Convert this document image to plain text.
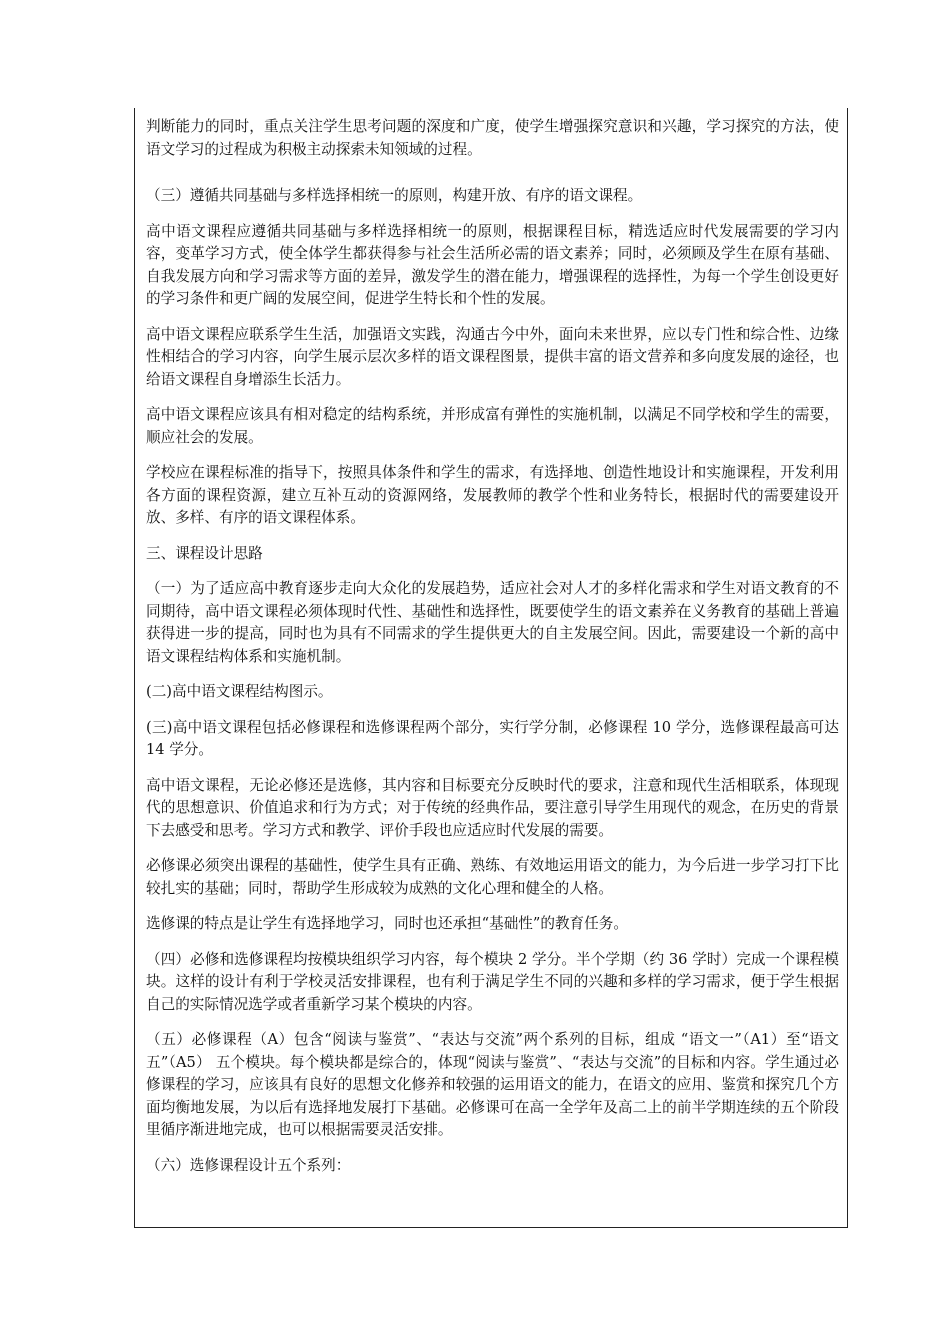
判断能力的同时，重点关注学生思考问题的深度和广度，使学生增强探究意识和兴趣，学习探究的方法，使语文学习的过程成为积极主动探索未知领域的过程。

（三）遵循共同基础与多样选择相统一的原则，构建开放、有序的语文课程。

高中语文课程应遵循共同基础与多样选择相统一的原则，根据课程目标，精选适应时代发展需要的学习内容，变革学习方式，使全体学生都获得参与社会生活所必需的语文素养；同时，必须顾及学生在原有基础、自我发展方向和学习需求等方面的差异，激发学生的潜在能力，增强课程的选择性，为每一个学生创设更好的学习条件和更广阔的发展空间，促进学生特长和个性的发展。

高中语文课程应联系学生生活，加强语文实践，沟通古今中外，面向未来世界，应以专门性和综合性、边缘性相结合的学习内容，向学生展示层次多样的语文课程图景，提供丰富的语文营养和多向度发展的途径，也给语文课程自身增添生长活力。

高中语文课程应该具有相对稳定的结构系统，并形成富有弹性的实施机制，以满足不同学校和学生的需要，顺应社会的发展。

学校应在课程标准的指导下，按照具体条件和学生的需求，有选择地、创造性地设计和实施课程，开发利用各方面的课程资源，建立互补互动的资源网络，发展教师的教学个性和业务特长，根据时代的需要建设开放、多样、有序的语文课程体系。

三、课程设计思路

（一）为了适应高中教育逐步走向大众化的发展趋势，适应社会对人才的多样化需求和学生对语文教育的不同期待，高中语文课程必须体现时代性、基础性和选择性，既要使学生的语文素养在义务教育的基础上普遍获得进一步的提高，同时也为具有不同需求的学生提供更大的自主发展空间。因此，需要建设一个新的高中语文课程结构体系和实施机制。

(二)高中语文课程结构图示。

(三)高中语文课程包括必修课程和选修课程两个部分，实行学分制，必修课程 10 学分，选修课程最高可达 14 学分。

高中语文课程，无论必修还是选修，其内容和目标要充分反映时代的要求，注意和现代生活相联系，体现现代的思想意识、价值追求和行为方式；对于传统的经典作品，要注意引导学生用现代的观念，在历史的背景下去感受和思考。学习方式和教学、评价手段也应适应时代发展的需要。

必修课必须突出课程的基础性，使学生具有正确、熟练、有效地运用语文的能力，为今后进一步学习打下比较扎实的基础；同时，帮助学生形成较为成熟的文化心理和健全的人格。

选修课的特点是让学生有选择地学习，同时也还承担“基础性”的教育任务。

（四）必修和选修课程均按模块组织学习内容，每个模块 2 学分。半个学期（约 36 学时）完成一个课程模块。这样的设计有利于学校灵活安排课程，也有利于满足学生不同的兴趣和多样的学习需求，便于学生根据自己的实际情况选学或者重新学习某个模块的内容。

（五）必修课程（A）包含“阅读与鉴赏”、“表达与交流”两个系列的目标，组成 “语文一”（A1）至“语文五”（A5） 五个模块。每个模块都是综合的，体现“阅读与鉴赏”、“表达与交流”的目标和内容。学生通过必修课程的学习，应该具有良好的思想文化修养和较强的运用语文的能力，在语文的应用、鉴赏和探究几个方面均衡地发展，为以后有选择地发展打下基础。必修课可在高一全学年及高二上的前半学期连续的五个阶段里循序渐进地完成，也可以根据需要灵活安排。

（六）选修课程设计五个系列：
